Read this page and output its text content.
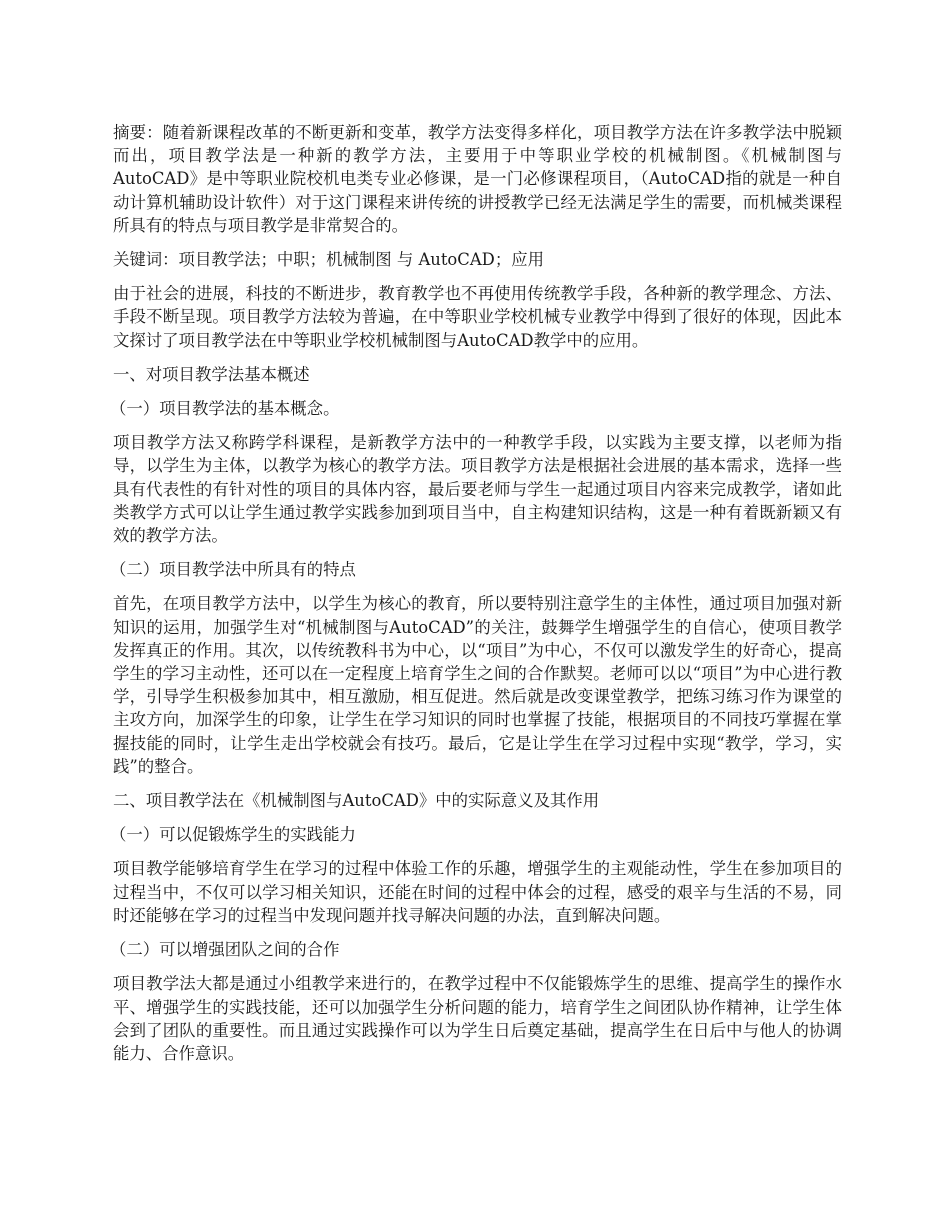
摘要：随着新课程改革的不断更新和变革，教学方法变得多样化，项目教学方法在许多教学法中脱颖而出，项目教学法是一种新的教学方法，主要用于中等职业学校的机械制图。《机械制图与AutoCAD》是中等职业院校机电类专业必修课，是一门必修课程项目，（AutoCAD指的就是一种自动计算机辅助设计软件）对于这门课程来讲传统的讲授教学已经无法满足学生的需要，而机械类课程所具有的特点与项目教学是非常契合的。

关键词：项目教学法；中职；机械制图 与 AutoCAD；应用

由于社会的进展，科技的不断进步，教育教学也不再使用传统教学手段，各种新的教学理念、方法、手段不断呈现。项目教学方法较为普遍，在中等职业学校机械专业教学中得到了很好的体现，因此本文探讨了项目教学法在中等职业学校机械制图与AutoCAD教学中的应用。

一、对项目教学法基本概述
（一）项目教学法的基本概念。

项目教学方法又称跨学科课程，是新教学方法中的一种教学手段，以实践为主要支撑，以老师为指导，以学生为主体，以教学为核心的教学方法。项目教学方法是根据社会进展的基本需求，选择一些具有代表性的有针对性的项目的具体内容，最后要老师与学生一起通过项目内容来完成教学，诸如此类教学方式可以让学生通过教学实践参加到项目当中，自主构建知识结构，这是一种有着既新颖又有效的教学方法。

（二）项目教学法中所具有的特点

首先，在项目教学方法中，以学生为核心的教育，所以要特别注意学生的主体性，通过项目加强对新知识的运用，加强学生对“机械制图与AutoCAD”的关注，鼓舞学生增强学生的自信心，使项目教学发挥真正的作用。其次，以传统教科书为中心，以“项目”为中心，不仅可以激发学生的好奇心，提高学生的学习主动性，还可以在一定程度上培育学生之间的合作默契。老师可以以“项目”为中心进行教学，引导学生积极参加其中，相互激励，相互促进。然后就是改变课堂教学，把练习练习作为课堂的主攻方向，加深学生的印象，让学生在学习知识的同时也掌握了技能，根据项目的不同技巧掌握在掌握技能的同时，让学生走出学校就会有技巧。最后，它是让学生在学习过程中实现“教学，学习，实践”的整合。

二、项目教学法在《机械制图与AutoCAD》中的实际意义及其作用
（一）可以促锻炼学生的实践能力

项目教学能够培育学生在学习的过程中体验工作的乐趣，增强学生的主观能动性，学生在参加项目的过程当中，不仅可以学习相关知识，还能在时间的过程中体会的过程，感受的艰辛与生活的不易，同时还能够在学习的过程当中发现问题并找寻解决问题的办法，直到解决问题。

（二）可以增强团队之间的合作

项目教学法大都是通过小组教学来进行的，在教学过程中不仅能锻炼学生的思维、提高学生的操作水平、增强学生的实践技能，还可以加强学生分析问题的能力，培育学生之间团队协作精神，让学生体会到了团队的重要性。而且通过实践操作可以为学生日后奠定基础，提高学生在日后中与他人的协调能力、合作意识。
